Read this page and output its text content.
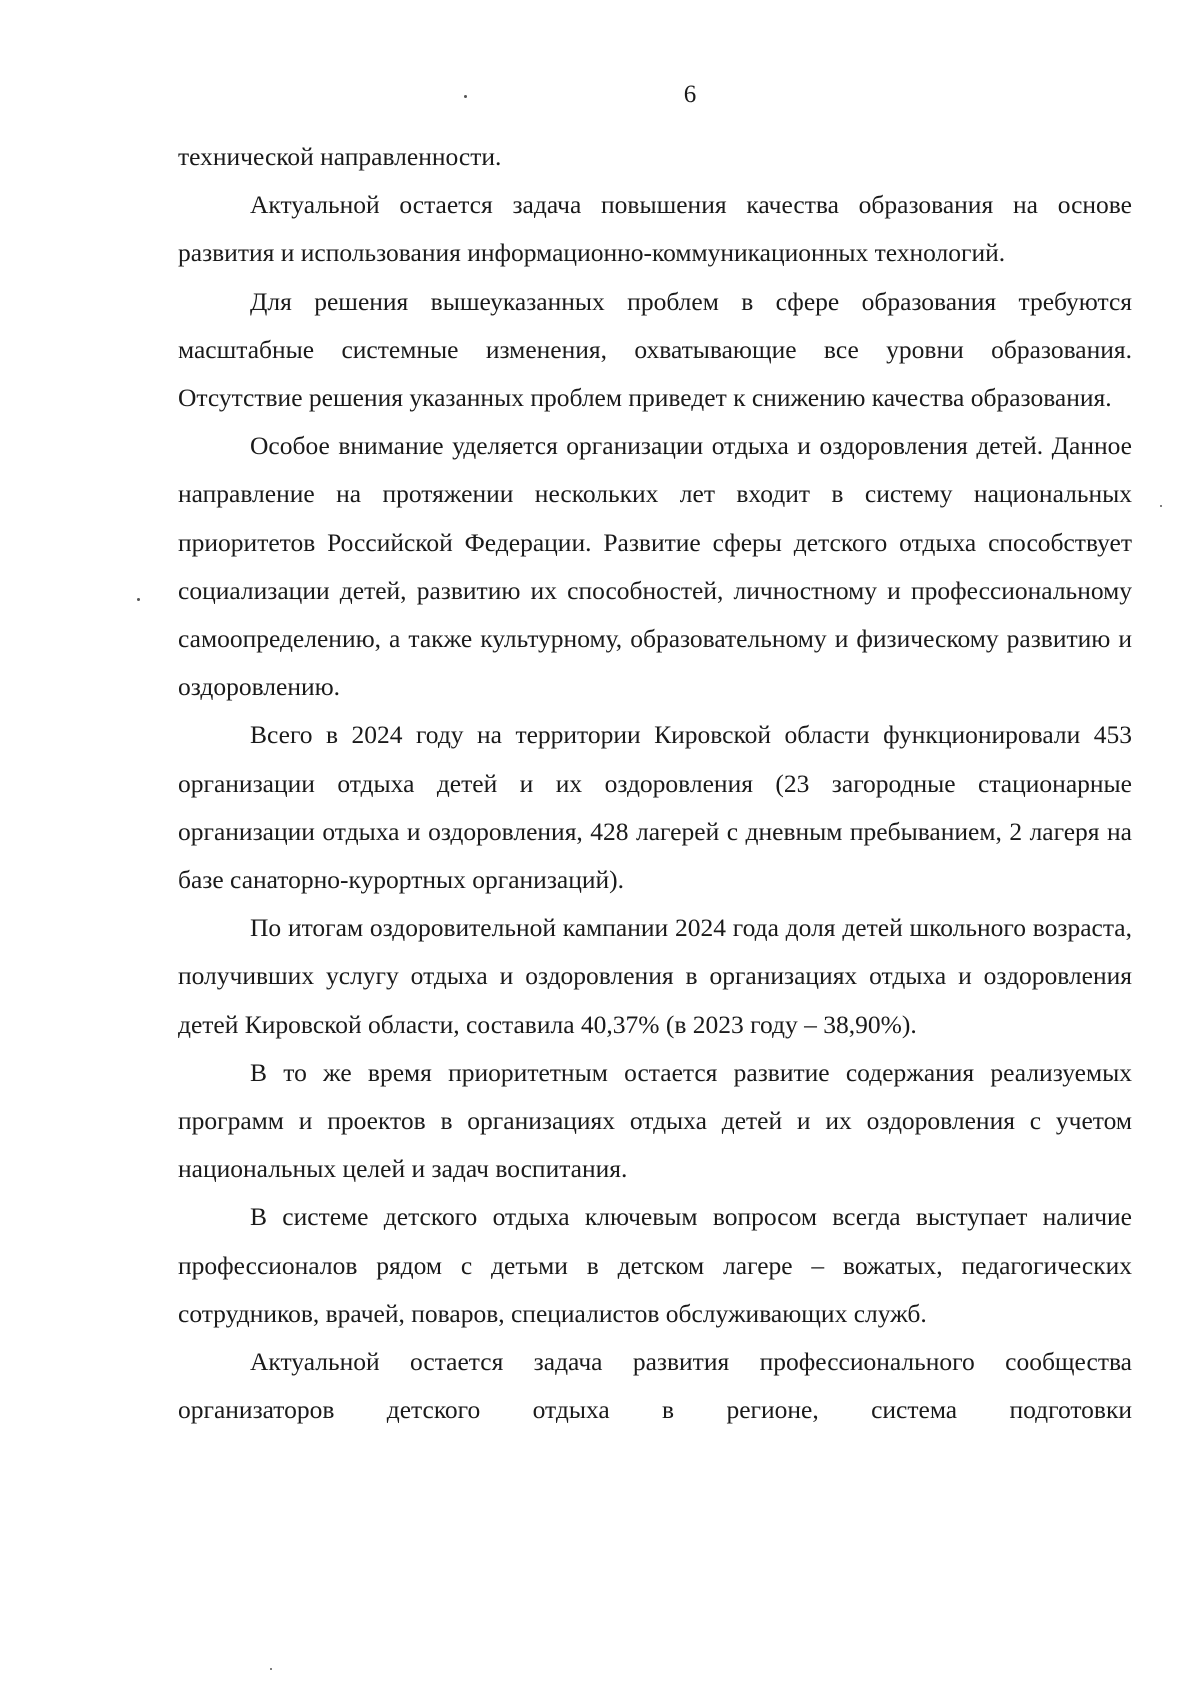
6

технической направленности.

Актуальной остается задача повышения качества образования на основе развития и использования информационно-коммуникационных технологий.

Для решения вышеуказанных проблем в сфере образования требуются масштабные системные изменения, охватывающие все уровни образования. Отсутствие решения указанных проблем приведет к снижению качества образования.

Особое внимание уделяется организации отдыха и оздоровления детей. Данное направление на протяжении нескольких лет входит в систему национальных приоритетов Российской Федерации. Развитие сферы детского отдыха способствует социализации детей, развитию их способностей, личностному и профессиональному самоопределению, а также культурному, образовательному и физическому развитию и оздоровлению.

Всего в 2024 году на территории Кировской области функционировали 453 организации отдыха детей и их оздоровления (23 загородные стационарные организации отдыха и оздоровления, 428 лагерей с дневным пребыванием, 2 лагеря на базе санаторно-курортных организаций).

По итогам оздоровительной кампании 2024 года доля детей школьного возраста, получивших услугу отдыха и оздоровления в организациях отдыха и оздоровления детей Кировской области, составила 40,37% (в 2023 году – 38,90%).

В то же время приоритетным остается развитие содержания реализуемых программ и проектов в организациях отдыха детей и их оздоровления с учетом национальных целей и задач воспитания.

В системе детского отдыха ключевым вопросом всегда выступает наличие профессионалов рядом с детьми в детском лагере – вожатых, педагогических сотрудников, врачей, поваров, специалистов обслуживающих служб.

Актуальной остается задача развития профессионального сообщества организаторов детского отдыха в регионе, система подготовки
